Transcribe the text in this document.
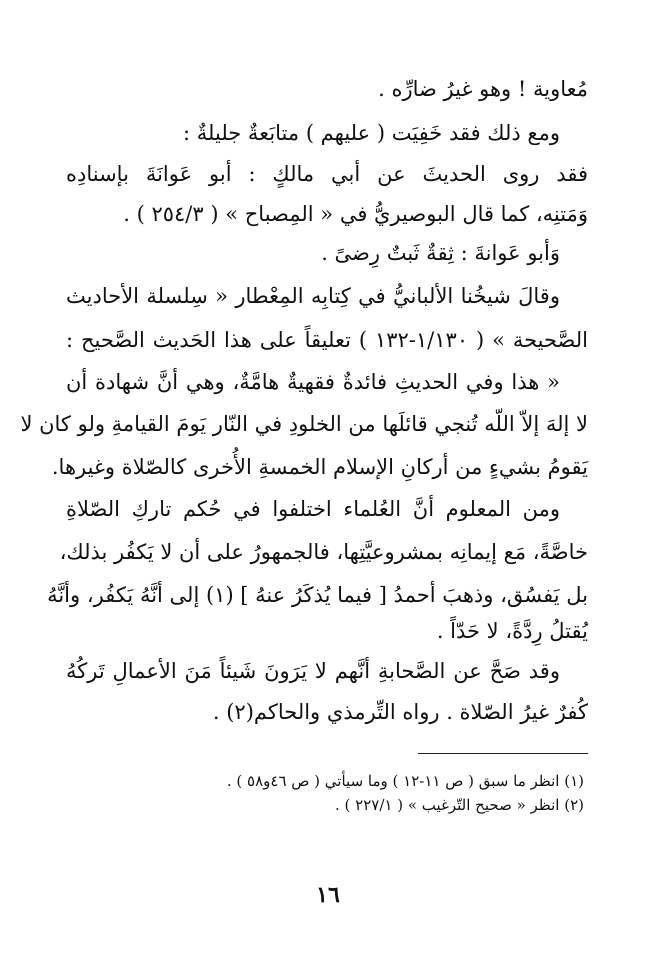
مُعاوية ! وهو غيرُ ضارِّه .
ومع ذلك فقد خَفِيَت ( عليهم ) متابَعةٌ جليلةٌ :
فقد روى الحديثَ عن أبي مالكٍ : أبو عَوانَةَ بإسنادِه
وَمَتنِه، كما قال البوصيريُّ في « المِصباح » ( ٢٥٤/٣ ) .
وَأبو عَوانةَ : ثِقةٌ ثَبتٌ رِضىً .
وقالَ شيخُنا الألبانيُّ في كِتابِه المِعْطار « سِلسلة الأحاديث
الصَّحيحة » ( ١/١٣٠-١٣٢ ) تعليقاً على هذا الحَديث الصَّحيح :
« هذا وفي الحديثِ فائدةٌ فقهيةٌ هامَّةٌ، وهي أنَّ شهادة أن
لا إلهَ إلاّ اللّه تُنجي قائلَها من الخلودِ في النّار يَومَ القيامةِ ولو كان لا
يَقومُ بشيءٍ من أركانِ الإسلام الخمسةِ الأُخرى كالصّلاة وغيرها.
ومن المعلوم أنَّ العُلماء اختلفوا في حُكم تاركِ الصّلاةِ
خاصَّةً، مَع إيمانِه بمشروعيَّتِها، فالجمهورُ على أن لا يَكفُر بذلك،
بل يَفسُق، وذهبَ أحمدُ [ فيما يُذكَرُ عنهُ ] (١) إلى أنَّهُ يَكفُر، وأنَّهُ
يُقتلُ رِدَّةً، لا حَدّاً .
وقد صَحَّ عن الصَّحابةِ أنَّهم لا يَرَونَ شَيئاً مَنَ الأعمالِ تَركُهُ
كُفرٌ غيرُ الصّلاة . رواه التِّرمذي والحاكم(٢) .
(١) انظر ما سبق ( ص ١١-١٢ ) وما سيأتي ( ص ٤٦و٥٨ ) .
(٢) انظر « صحيح التّرغيب » ( ٢٢٧/١ ) .
١٦
